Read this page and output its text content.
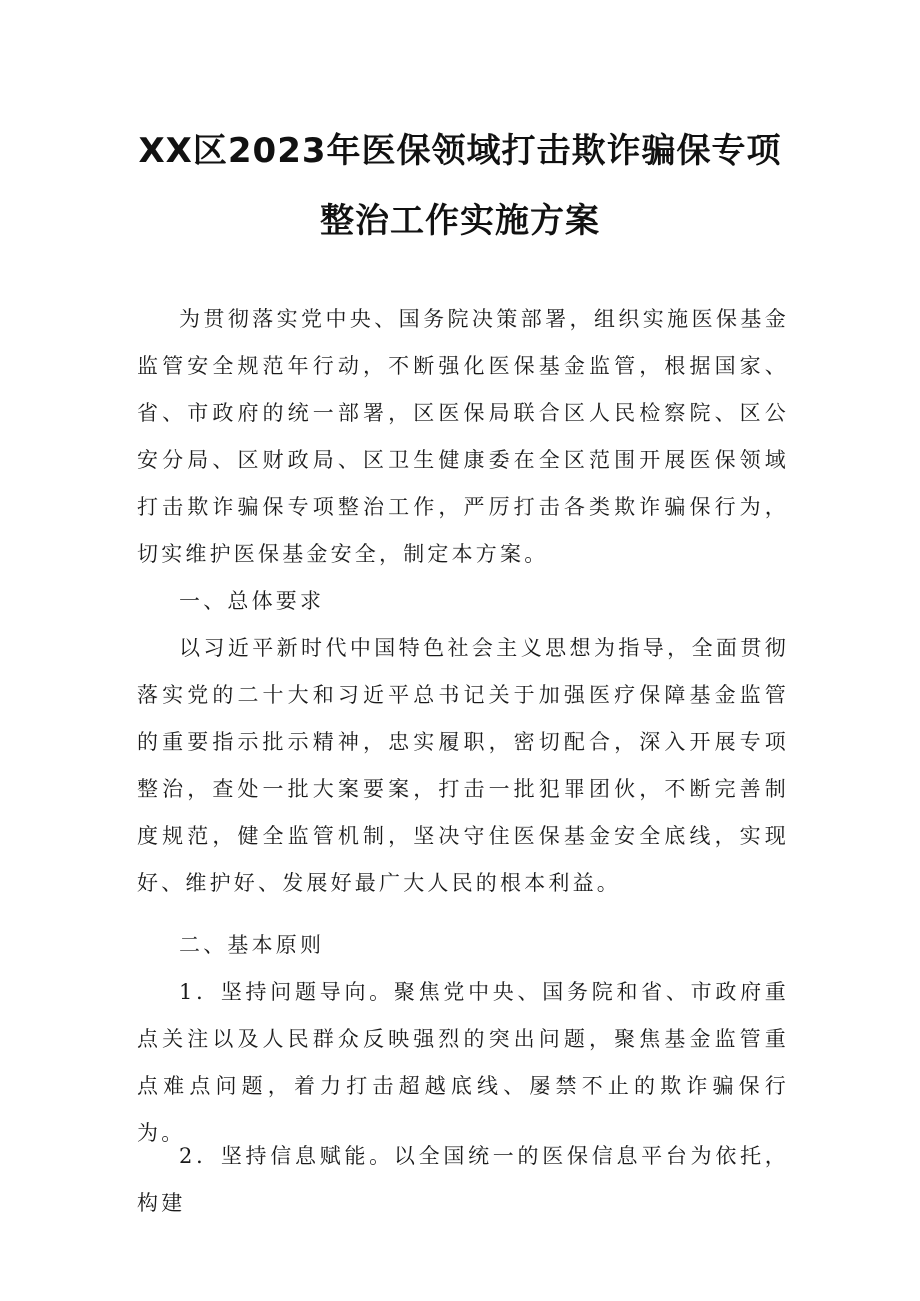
XX区2023年医保领域打击欺诈骗保专项
整治工作实施方案

为贯彻落实党中央、国务院决策部署，组织实施医保基金监管安全规范年行动，不断强化医保基金监管，根据国家、省、市政府的统一部署，区医保局联合区人民检察院、区公安分局、区财政局、区卫生健康委在全区范围开展医保领域打击欺诈骗保专项整治工作，严厉打击各类欺诈骗保行为，切实维护医保基金安全，制定本方案。

一、总体要求

以习近平新时代中国特色社会主义思想为指导，全面贯彻落实党的二十大和习近平总书记关于加强医疗保障基金监管的重要指示批示精神，忠实履职，密切配合，深入开展专项整治，查处一批大案要案，打击一批犯罪团伙，不断完善制度规范，健全监管机制，坚决守住医保基金安全底线，实现好、维护好、发展好最广大人民的根本利益。

二、基本原则

1．坚持问题导向。聚焦党中央、国务院和省、市政府重点关注以及人民群众反映强烈的突出问题，聚焦基金监管重点难点问题，着力打击超越底线、屡禁不止的欺诈骗保行为。

2．坚持信息赋能。以全国统一的医保信息平台为依托，构建
